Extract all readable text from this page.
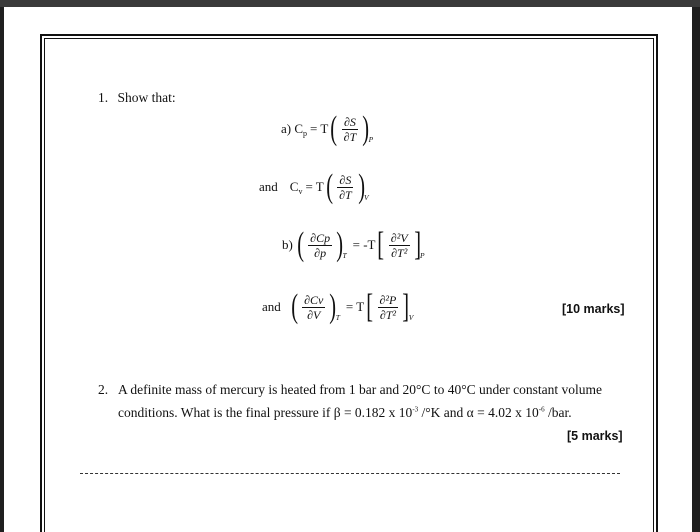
1. Show that:
a) C p = T ( $\frac{\partial S}{\partial T}$ ) P
and C v = T ( $\frac{\partial S}{\partial T}$ ) V
b) ( $\frac{\partial Cp}{\partial p}$ ) T
= -T [ $\frac{\text{∂²V}}{\text{∂T²}}$ ] P
and ( $\frac{\partial Cv}{\partial V}$ ) T
= T [ $\frac{\text{∂²P}}{\text{∂T²}}$ ] V
[10 marks]
2. A definite mass of mercury is heated from 1 bar and 20°C to 40°C under constant volume
conditions. What is the final pressure if β = 0.182 x $10^{-3}$ /°K and α = 4.02 x $10^{-6}$ /bar.
[5 marks]
